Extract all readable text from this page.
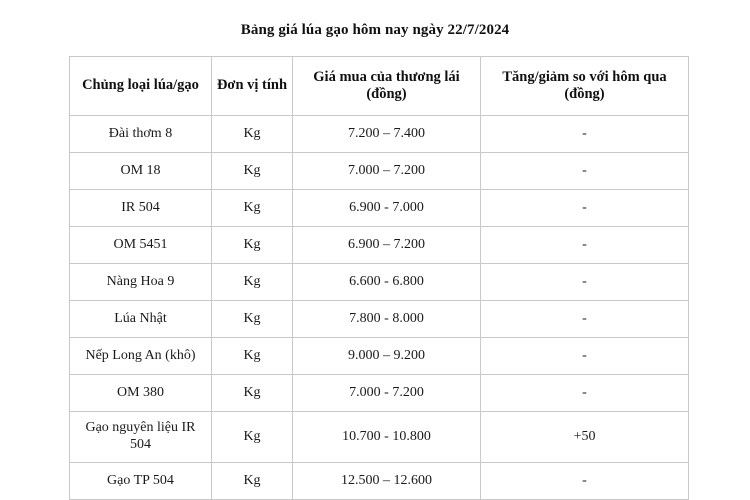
Bảng giá lúa gạo hôm nay ngày 22/7/2024
Chủng loại lúa/gạo	Đơn vị tính	Giá mua của thương lái (đồng)	Tăng/giảm so với hôm qua (đồng)
Đài thơm 8	Kg	7.200 – 7.400	-
OM 18	Kg	7.000 – 7.200	-
IR 504	Kg	6.900 - 7.000	-
OM 5451	Kg	6.900 – 7.200	-
Nàng Hoa 9	Kg	6.600 - 6.800	-
Lúa Nhật	Kg	7.800 - 8.000	-
Nếp Long An (khô)	Kg	9.000 – 9.200	-
OM 380	Kg	7.000 - 7.200	-
Gạo nguyên liệu IR 504	Kg	10.700 - 10.800	+50
Gạo TP 504	Kg	12.500 – 12.600	-
